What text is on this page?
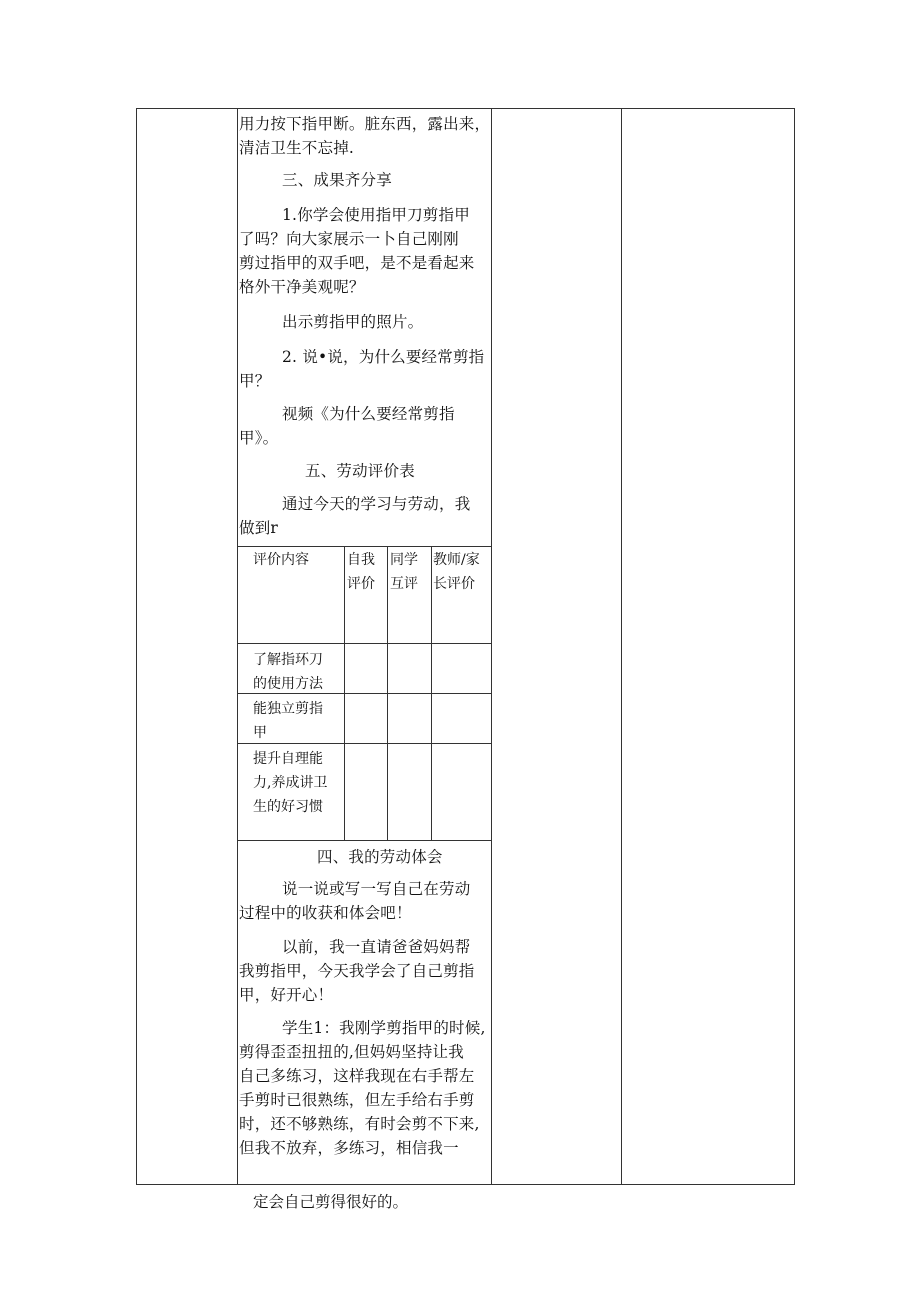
用力按下指甲断。脏东西，露出来，
清洁卫生不忘掉.
三、成果齐分享
1.你学会使用指甲刀剪指甲
了吗？向大家展示一卜自己刚刚
剪过指甲的双手吧，是不是看起来
格外干净美观呢？
出示剪指甲的照片。
2. 说•说，为什么要经常剪指
甲？
视频《为什么要经常剪指
甲》。
五、劳动评价表
通过今天的学习与劳动，我
做到r
评价内容	自我
评价
同学
互评
教师/家
长评价
了解指环刀
的使用方法
能独立剪指
甲
提升自理能
力,养成讲卫
生的好习惯
四、我的劳动体会
说一说或写一写自己在劳动
过程中的收获和体会吧！
以前，我一直请爸爸妈妈帮
我剪指甲，今天我学会了自己剪指
甲，好开心！
学生1：我刚学剪指甲的时候,
剪得歪歪扭扭的,但妈妈坚持让我
自己多练习，这样我现在右手帮左
手剪时已很熟练，但左手给右手剪
时，还不够熟练，有时会剪不下来,
但我不放弃，多练习，相信我一
定会自己剪得很好的。
